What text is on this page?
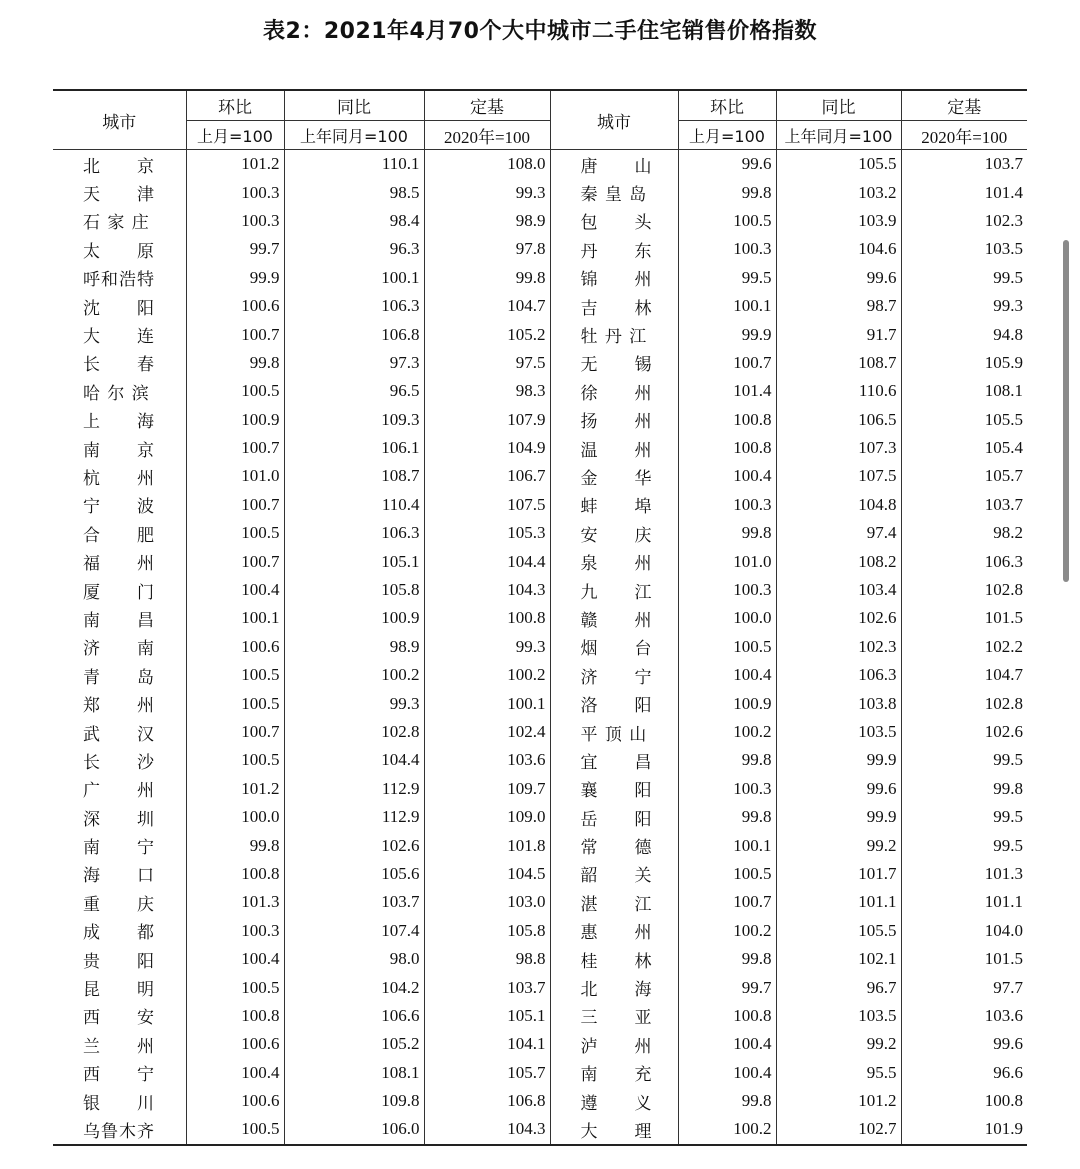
表2：2021年4月70个大中城市二手住宅销售价格指数
城市	环比	同比	定基	城市	环比	同比	定基
	上月=100	上年同月=100	2020年=100		上月=100	上年同月=100	2020年=100
北　　京	101.2	110.1	108.0	唐　　山	99.6	105.5	103.7
天　　津	100.3	98.5	99.3	秦 皇 岛	99.8	103.2	101.4
石 家 庄	100.3	98.4	98.9	包　　头	100.5	103.9	102.3
太　　原	99.7	96.3	97.8	丹　　东	100.3	104.6	103.5
呼和浩特	99.9	100.1	99.8	锦　　州	99.5	99.6	99.5
沈　　阳	100.6	106.3	104.7	吉　　林	100.1	98.7	99.3
大　　连	100.7	106.8	105.2	牡 丹 江	99.9	91.7	94.8
长　　春	99.8	97.3	97.5	无　　锡	100.7	108.7	105.9
哈 尔 滨	100.5	96.5	98.3	徐　　州	101.4	110.6	108.1
上　　海	100.9	109.3	107.9	扬　　州	100.8	106.5	105.5
南　　京	100.7	106.1	104.9	温　　州	100.8	107.3	105.4
杭　　州	101.0	108.7	106.7	金　　华	100.4	107.5	105.7
宁　　波	100.7	110.4	107.5	蚌　　埠	100.3	104.8	103.7
合　　肥	100.5	106.3	105.3	安　　庆	99.8	97.4	98.2
福　　州	100.7	105.1	104.4	泉　　州	101.0	108.2	106.3
厦　　门	100.4	105.8	104.3	九　　江	100.3	103.4	102.8
南　　昌	100.1	100.9	100.8	赣　　州	100.0	102.6	101.5
济　　南	100.6	98.9	99.3	烟　　台	100.5	102.3	102.2
青　　岛	100.5	100.2	100.2	济　　宁	100.4	106.3	104.7
郑　　州	100.5	99.3	100.1	洛　　阳	100.9	103.8	102.8
武　　汉	100.7	102.8	102.4	平 顶 山	100.2	103.5	102.6
长　　沙	100.5	104.4	103.6	宜　　昌	99.8	99.9	99.5
广　　州	101.2	112.9	109.7	襄　　阳	100.3	99.6	99.8
深　　圳	100.0	112.9	109.0	岳　　阳	99.8	99.9	99.5
南　　宁	99.8	102.6	101.8	常　　德	100.1	99.2	99.5
海　　口	100.8	105.6	104.5	韶　　关	100.5	101.7	101.3
重　　庆	101.3	103.7	103.0	湛　　江	100.7	101.1	101.1
成　　都	100.3	107.4	105.8	惠　　州	100.2	105.5	104.0
贵　　阳	100.4	98.0	98.8	桂　　林	99.8	102.1	101.5
昆　　明	100.5	104.2	103.7	北　　海	99.7	96.7	97.7
西　　安	100.8	106.6	105.1	三　　亚	100.8	103.5	103.6
兰　　州	100.6	105.2	104.1	泸　　州	100.4	99.2	99.6
西　　宁	100.4	108.1	105.7	南　　充	100.4	95.5	96.6
银　　川	100.6	109.8	106.8	遵　　义	99.8	101.2	100.8
乌鲁木齐	100.5	106.0	104.3	大　　理	100.2	102.7	101.9
